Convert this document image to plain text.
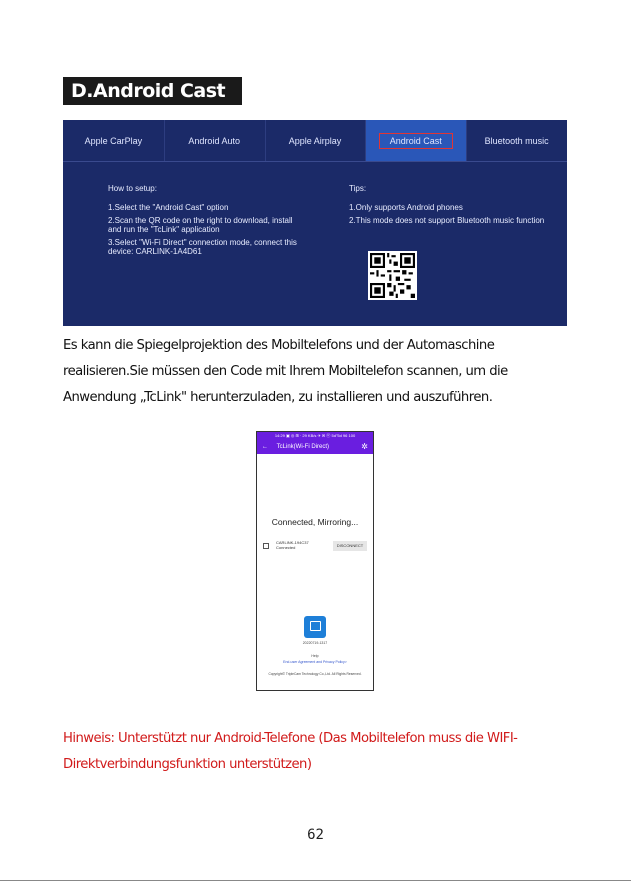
D.Android Cast
Apple CarPlay	Android Auto	Apple Airplay	Android Cast	Bluetooth music

How to setup:

1.Select the "Android Cast" option

2.Scan the QR code on the right to download, install and run the "TcLink" application

3.Select "Wi-Fi Direct" connection mode, connect this device: CARLINK-1A4D61

Tips:

1.Only supports Android phones

2.This mode does not support Bluetooth music function

Es kann die Spiegelprojektion des Mobiltelefons und der Automaschine realisieren.Sie müssen den Code mit Ihrem Mobiltelefon scannen, um die Anwendung „TcLink" herunterzuladen, zu installieren und auszuführen.
14:29 ▣ ◎ ⊞ · 29 KB/s ✈ ✉ ⓦ 5d"5d 96 100
← TcLink(Wi-Fi Direct)	✲
Connected, Mirroring...
CARLINK-194C37
Connected	DISCONNECT
20220719-1317
Help
End-user Agreement and Privacy Policy>
Copyright© TripleCam Technology Co.,Ltd. All Rights Reserved.
Hinweis: Unterstützt nur Android-Telefone (Das Mobiltelefon muss die WIFI-Direktverbindungsfunktion unterstützen)
62
